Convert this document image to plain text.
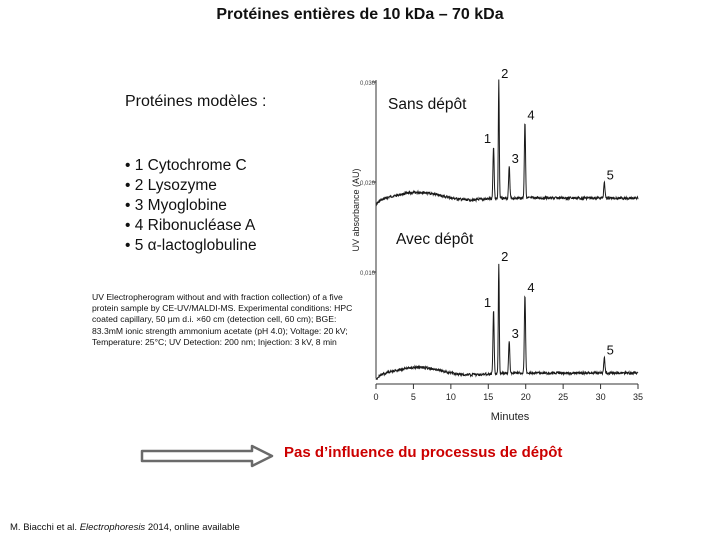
Protéines entières de 10 kDa – 70 kDa
Protéines modèles :
• 1 Cytochrome C
• 2 Lysozyme
• 3 Myoglobine
• 4 Ribonucléase A
• 5 α-lactoglobuline
UV Electropherogram without and with fraction collection) of a five protein sample by CE-UV/MALDI-MS. Experimental conditions: HPC coated capillary, 50 µm d.i. ×60 cm (detection cell, 60 cm); BGE: 83.3mM ionic strength ammonium acetate (pH 4.0); Voltage: 20 kV; Temperature: 25°C; UV Detection: 200 nm; Injection: 3 kV, 8 min
UV absorbance (AU)
1
2
3
4
5
1
2
3
4
5
0	5	10	15	20	25	30	35
0,030
0,020
0,010
Minutes
Sans dépôt
Avec dépôt
Pas d’influence du processus de dépôt
M. Biacchi et al. Electrophoresis 2014, online available
